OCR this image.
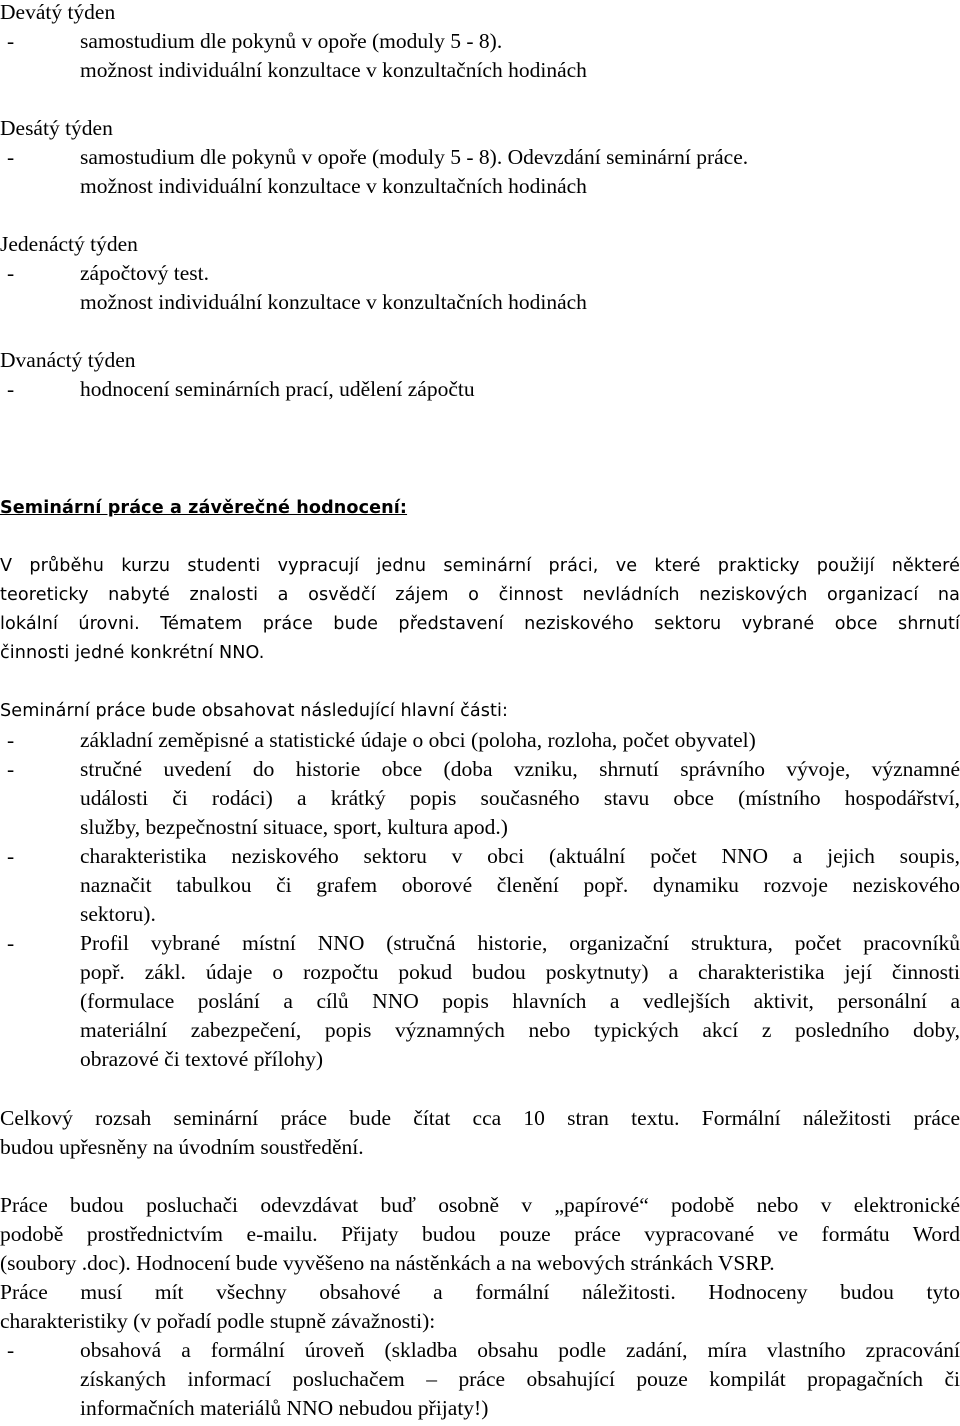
Devátý týden
-	samostudium dle pokynů v opoře (moduly 5 - 8).
možnost individuální konzultace v konzultačních hodinách
Desátý týden
-	samostudium dle pokynů v opoře (moduly 5 - 8). Odevzdání seminární práce.
možnost individuální konzultace v konzultačních hodinách
Jedenáctý týden
-	zápočtový test.
možnost individuální konzultace v konzultačních hodinách
Dvanáctý týden
-	hodnocení seminárních prací, udělení zápočtu
Seminární práce a závěrečné hodnocení:
V průběhu kurzu studenti vypracují jednu seminární práci, ve které prakticky použijí některé
teoreticky nabyté znalosti a osvědčí zájem o činnost nevládních neziskových organizací na
lokální úrovni. Tématem práce bude představení neziskového sektoru vybrané obce shrnutí
činnosti jedné konkrétní NNO.
Seminární práce bude obsahovat následující hlavní části:
-	základní zeměpisné a statistické údaje o obci (poloha, rozloha, počet obyvatel)
-	stručné uvedení do historie obce (doba vzniku, shrnutí správního vývoje, významné
události či rodáci) a krátký popis současného stavu obce (místního hospodářství,
služby, bezpečnostní situace, sport, kultura apod.)
-	charakteristika neziskového sektoru v obci (aktuální počet NNO a jejich soupis,
naznačit tabulkou či grafem oborové členění popř. dynamiku rozvoje neziskového
sektoru).
-	Profil vybrané místní NNO (stručná historie, organizační struktura, počet pracovníků
popř. zákl. údaje o rozpočtu pokud budou poskytnuty) a charakteristika její činnosti
(formulace poslání a cílů NNO popis hlavních a vedlejších aktivit, personální a
materiální zabezpečení, popis významných nebo typických akcí z posledního doby,
obrazové či textové přílohy)
Celkový rozsah seminární práce bude čítat cca 10 stran textu. Formální náležitosti práce
budou upřesněny na úvodním soustředění.
Práce budou posluchači odevzdávat buď osobně v „papírové“ podobě nebo v elektronické
podobě prostřednictvím e-mailu. Přijaty budou pouze práce vypracované ve formátu Word
(soubory .doc). Hodnocení bude vyvěšeno na nástěnkách a na webových stránkách VSRP.
Práce musí mít všechny obsahové a formální náležitosti. Hodnoceny budou tyto
charakteristiky (v pořadí podle stupně závažnosti):
-	obsahová a formální úroveň (skladba obsahu podle zadání, míra vlastního zpracování
získaných informací posluchačem – práce obsahující pouze kompilát propagačních či
informačních materiálů NNO nebudou přijaty!)
